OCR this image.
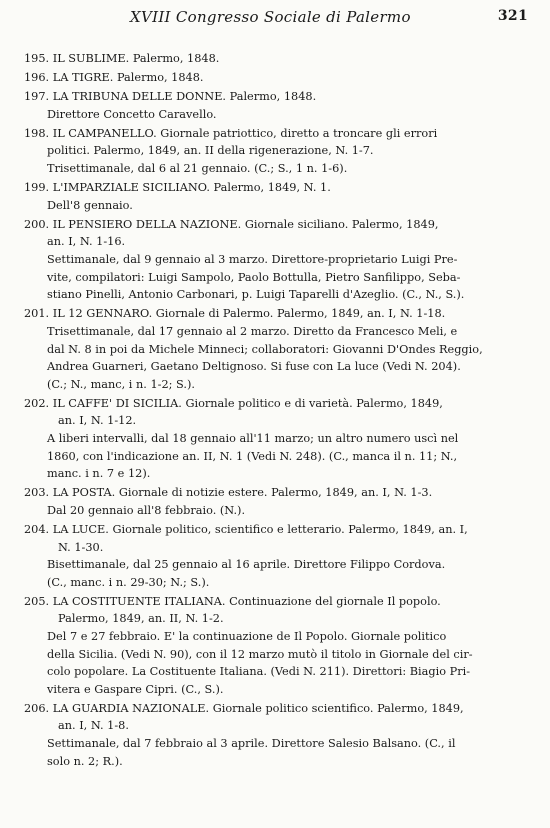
XVIII Congresso Sociale di Palermo	321
195. IL SUBLIME. Palermo, 1848.
196. LA TIGRE. Palermo, 1848.
197. LA TRIBUNA DELLE DONNE. Palermo, 1848.
Direttore Concetto Caravello.
198. IL CAMPANELLO. Giornale patriottico, diretto a troncare gli errori
politici. Palermo, 1849, an. II della rigenerazione, N. 1-7.
Trisettimanale, dal 6 al 21 gennaio. (C.; S., 1 n. 1-6).
199. L'IMPARZIALE SICILIANO. Palermo, 1849, N. 1.
Dell'8 gennaio.
200. IL PENSIERO DELLA NAZIONE. Giornale siciliano. Palermo, 1849,
an. I, N. 1-16.
Settimanale, dal 9 gennaio al 3 marzo. Direttore-proprietario Luigi Pre-
vite, compilatori: Luigi Sampolo, Paolo Bottulla, Pietro Sanfilippo, Seba-
stiano Pinelli, Antonio Carbonari, p. Luigi Taparelli d'Azeglio. (C., N., S.).
201. IL 12 GENNARO. Giornale di Palermo. Palermo, 1849, an. I, N. 1-18.
Trisettimanale, dal 17 gennaio al 2 marzo. Diretto da Francesco Meli, e
dal N. 8 in poi da Michele Minneci; collaboratori: Giovanni D'Ondes Reggio,
Andrea Guarneri, Gaetano Deltignoso. Si fuse con La luce (Vedi N. 204).
(C.; N., manc, i n. 1-2; S.).
202. IL CAFFE' DI SICILIA. Giornale politico e di varietà. Palermo, 1849,
an. I, N. 1-12.
A liberi intervalli, dal 18 gennaio all'11 marzo; un altro numero uscì nel
1860, con l'indicazione an. II, N. 1 (Vedi N. 248). (C., manca il n. 11; N.,
manc. i n. 7 e 12).
203. LA POSTA. Giornale di notizie estere. Palermo, 1849, an. I, N. 1-3.
Dal 20 gennaio all'8 febbraio. (N.).
204. LA LUCE. Giornale politico, scientifico e letterario. Palermo, 1849, an. I,
N. 1-30.
Bisettimanale, dal 25 gennaio al 16 aprile. Direttore Filippo Cordova.
(C., manc. i n. 29-30; N.; S.).
205. LA COSTITUENTE ITALIANA. Continuazione del giornale Il popolo.
Palermo, 1849, an. II, N. 1-2.
Del 7 e 27 febbraio. E' la continuazione de Il Popolo. Giornale politico
della Sicilia. (Vedi N. 90), con il 12 marzo mutò il titolo in Giornale del cir-
colo popolare. La Costituente Italiana. (Vedi N. 211). Direttori: Biagio Pri-
vitera e Gaspare Cipri. (C., S.).
206. LA GUARDIA NAZIONALE. Giornale politico scientifico. Palermo, 1849,
an. I, N. 1-8.
Settimanale, dal 7 febbraio al 3 aprile. Direttore Salesio Balsano. (C., il
solo n. 2; R.).
